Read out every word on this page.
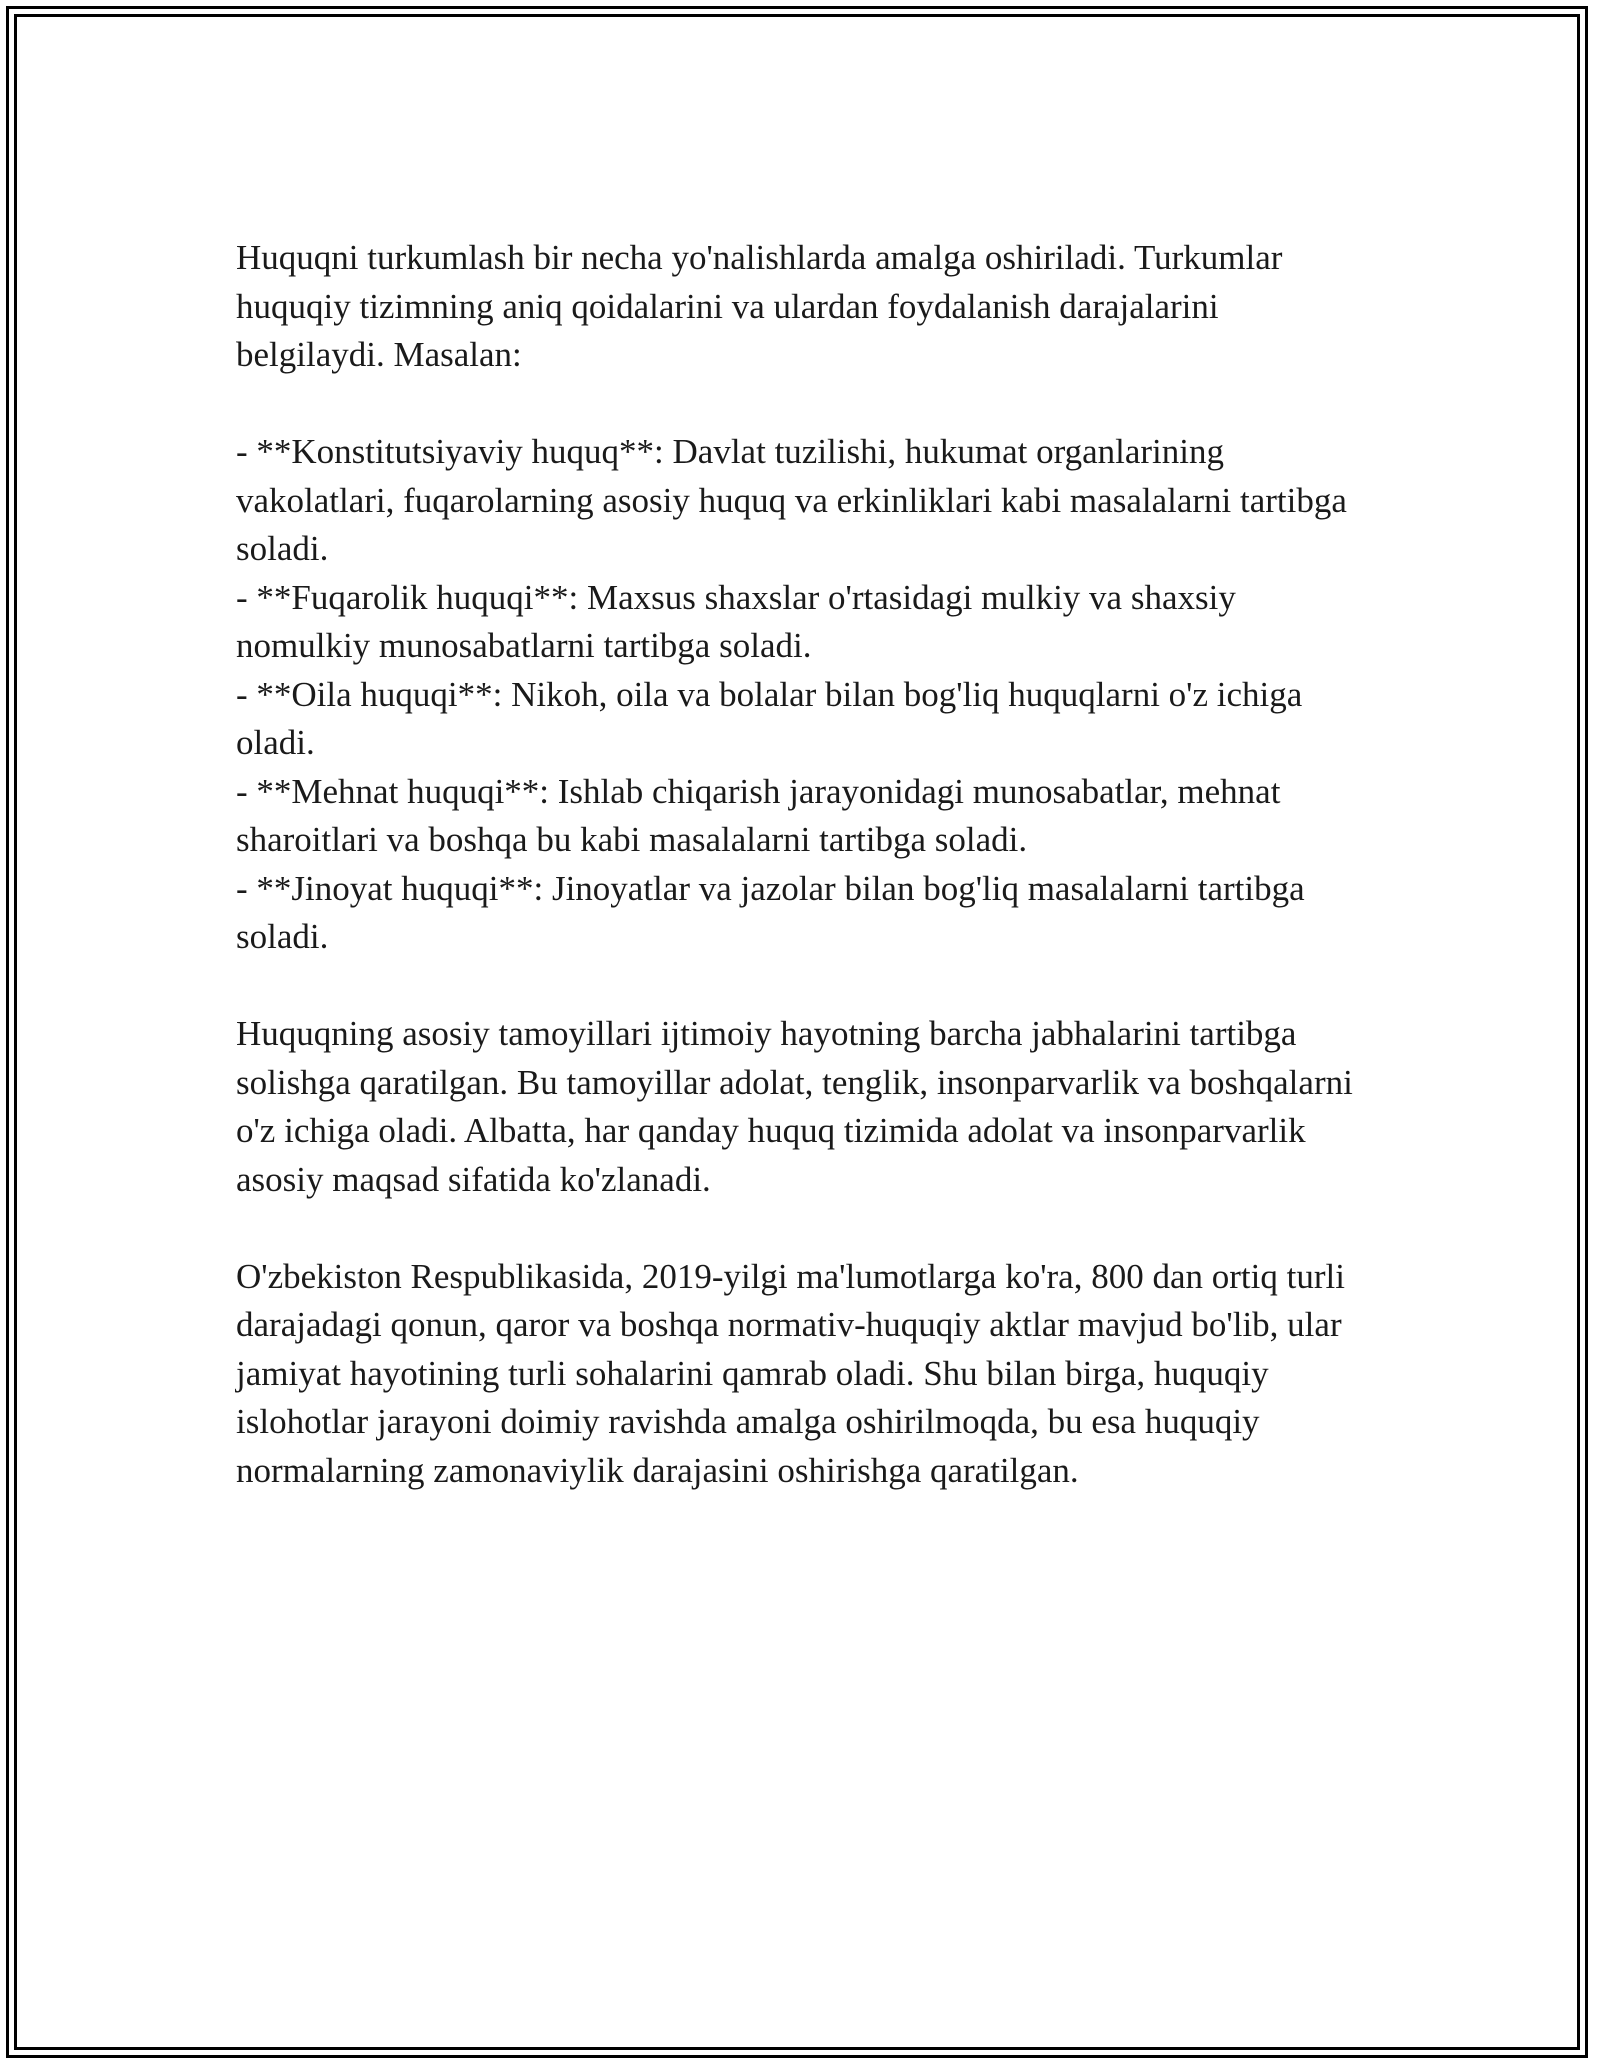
Huquqni turkumlash bir necha yo'nalishlarda amalga oshiriladi. Turkumlar huquqiy tizimning aniq qoidalarini va ulardan foydalanish darajalarini belgilaydi. Masalan:

- **Konstitutsiyaviy huquq**: Davlat tuzilishi, hukumat organlarining vakolatlari, fuqarolarning asosiy huquq va erkinliklari kabi masalalarni tartibga soladi.

- **Fuqarolik huquqi**: Maxsus shaxslar o'rtasidagi mulkiy va shaxsiy nomulkiy munosabatlarni tartibga soladi.

- **Oila huquqi**: Nikoh, oila va bolalar bilan bog'liq huquqlarni o'z ichiga oladi.

- **Mehnat huquqi**: Ishlab chiqarish jarayonidagi munosabatlar, mehnat sharoitlari va boshqa bu kabi masalalarni tartibga soladi.

- **Jinoyat huquqi**: Jinoyatlar va jazolar bilan bog'liq masalalarni tartibga soladi.

Huquqning asosiy tamoyillari ijtimoiy hayotning barcha jabhalarini tartibga solishga qaratilgan. Bu tamoyillar adolat, tenglik, insonparvarlik va boshqalarni o'z ichiga oladi. Albatta, har qanday huquq tizimida adolat va insonparvarlik asosiy maqsad sifatida ko'zlanadi.

O'zbekiston Respublikasida, 2019-yilgi ma'lumotlarga ko'ra, 800 dan ortiq turli darajadagi qonun, qaror va boshqa normativ-huquqiy aktlar mavjud bo'lib, ular jamiyat hayotining turli sohalarini qamrab oladi. Shu bilan birga, huquqiy islohotlar jarayoni doimiy ravishda amalga oshirilmoqda, bu esa huquqiy normalarning zamonaviylik darajasini oshirishga qaratilgan.
